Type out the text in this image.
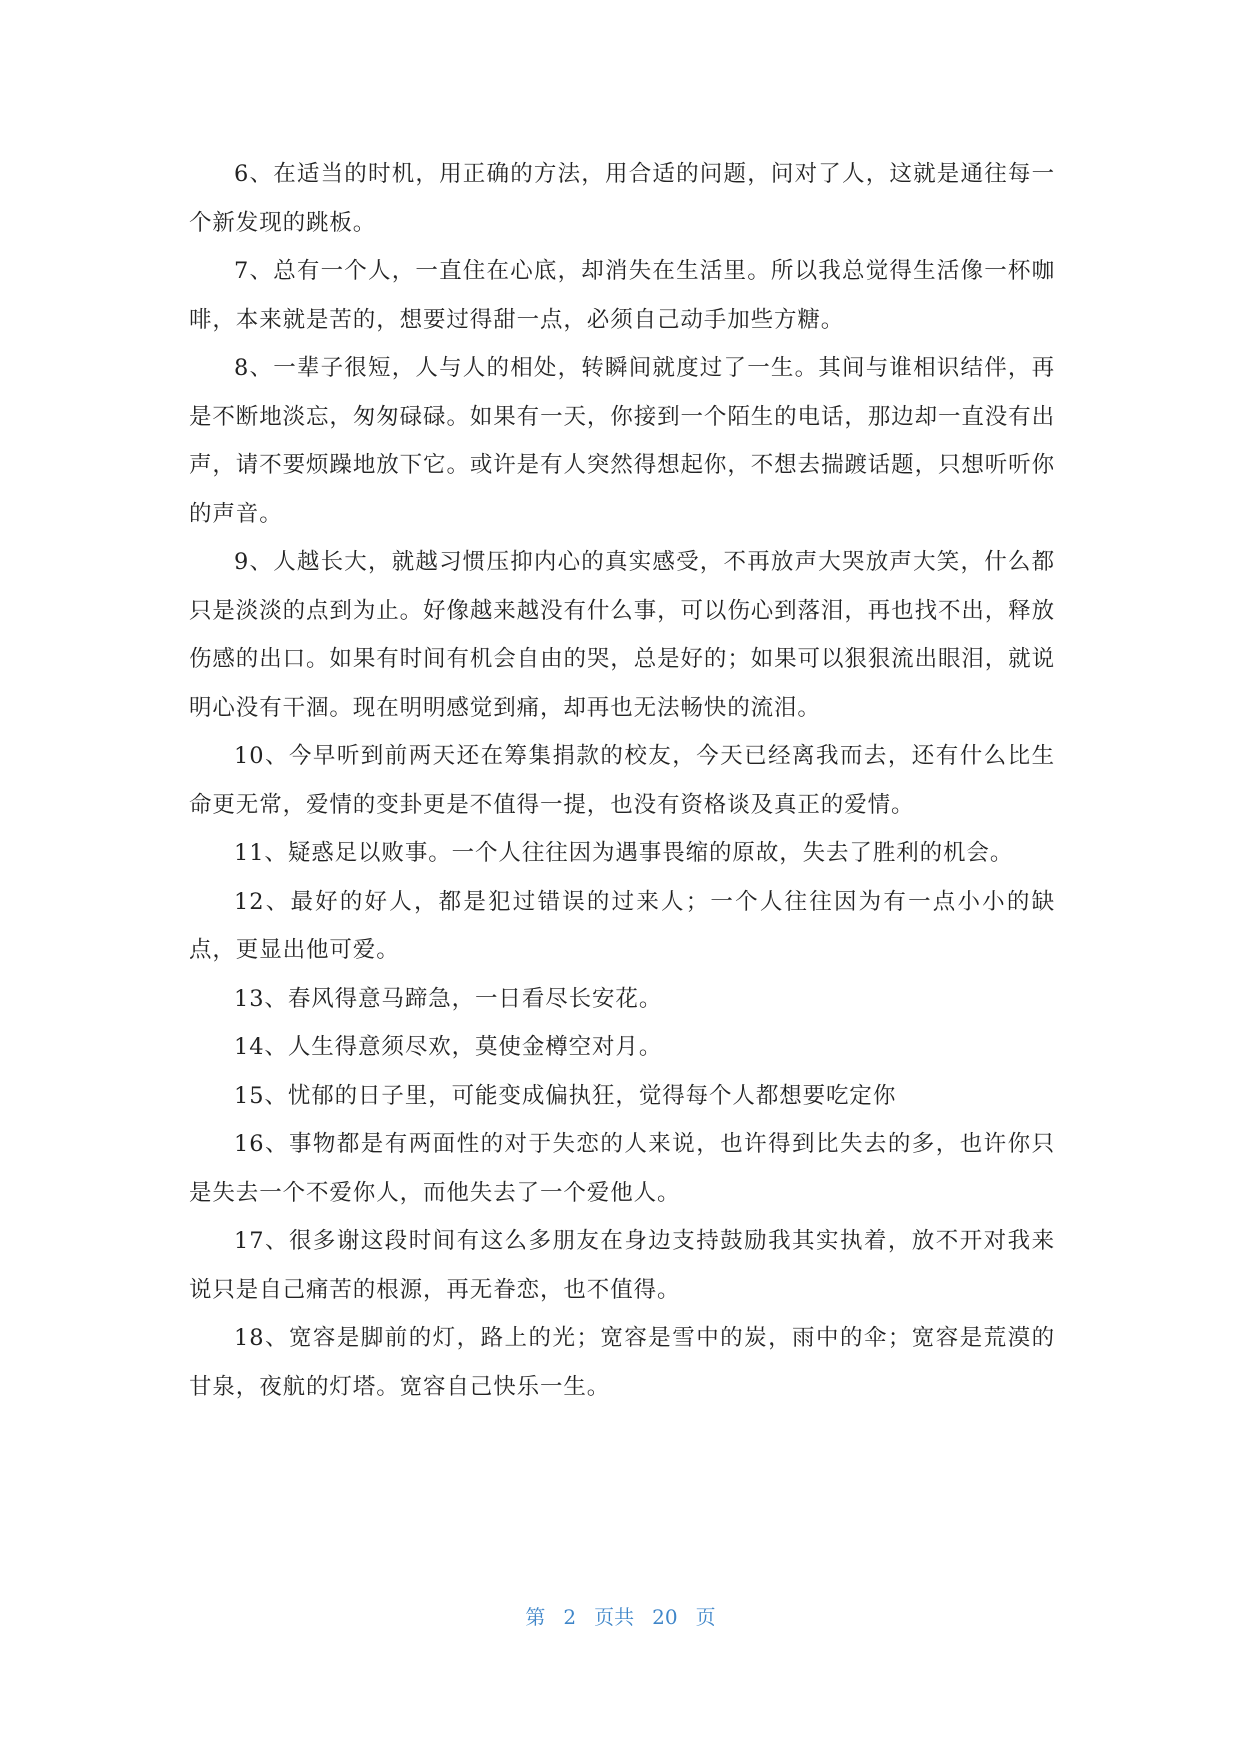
6、在适当的时机，用正确的方法，用合适的问题，问对了人，这就是通往每一个新发现的跳板。

7、总有一个人，一直住在心底，却消失在生活里。所以我总觉得生活像一杯咖啡，本来就是苦的，想要过得甜一点，必须自己动手加些方糖。

8、一辈子很短，人与人的相处，转瞬间就度过了一生。其间与谁相识结伴，再是不断地淡忘，匆匆碌碌。如果有一天，你接到一个陌生的电话，那边却一直没有出声，请不要烦躁地放下它。或许是有人突然得想起你，不想去揣踱话题，只想听听你的声音。

9、人越长大，就越习惯压抑内心的真实感受，不再放声大哭放声大笑，什么都只是淡淡的点到为止。好像越来越没有什么事，可以伤心到落泪，再也找不出，释放伤感的出口。如果有时间有机会自由的哭，总是好的；如果可以狠狠流出眼泪，就说明心没有干涸。现在明明感觉到痛，却再也无法畅快的流泪。

10、今早听到前两天还在筹集捐款的校友，今天已经离我而去，还有什么比生命更无常，爱情的变卦更是不值得一提，也没有资格谈及真正的爱情。

11、疑惑足以败事。一个人往往因为遇事畏缩的原故，失去了胜利的机会。

12、最好的好人，都是犯过错误的过来人；一个人往往因为有一点小小的缺点，更显出他可爱。

13、春风得意马蹄急，一日看尽长安花。

14、人生得意须尽欢，莫使金樽空对月。

15、忧郁的日子里，可能变成偏执狂，觉得每个人都想要吃定你

16、事物都是有两面性的对于失恋的人来说，也许得到比失去的多，也许你只是失去一个不爱你人，而他失去了一个爱他人。

17、很多谢这段时间有这么多朋友在身边支持鼓励我其实执着，放不开对我来说只是自己痛苦的根源，再无眷恋，也不值得。

18、宽容是脚前的灯，路上的光；宽容是雪中的炭，雨中的伞；宽容是荒漠的甘泉，夜航的灯塔。宽容自己快乐一生。

第 2 页共 20 页
